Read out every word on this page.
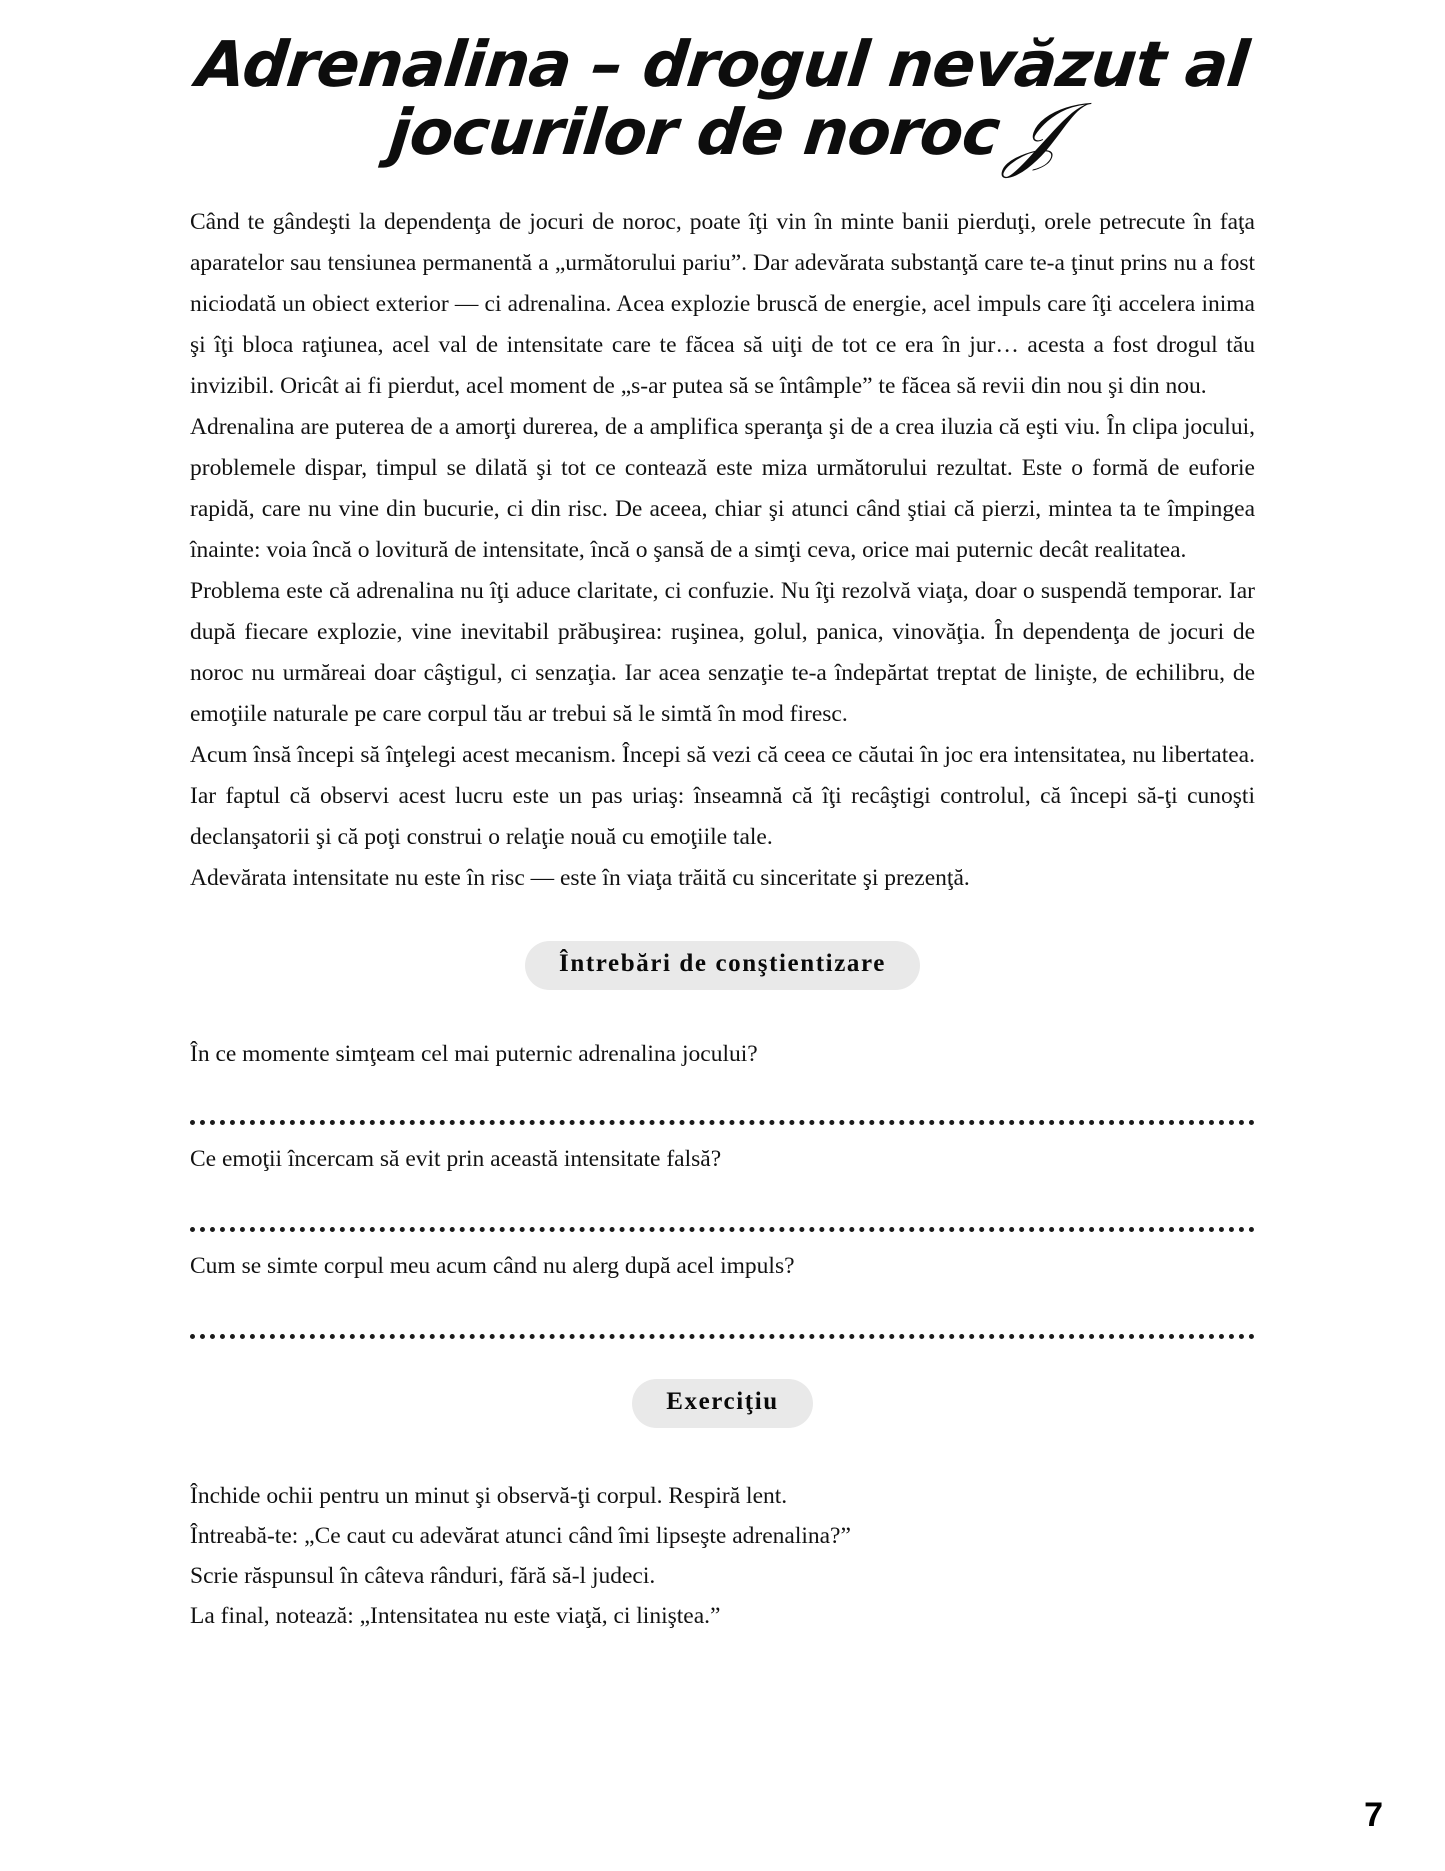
Adrenalina – drogul nevăzut al
jocurilor de noroc𝒥

Când te gândeşti la dependenţa de jocuri de noroc, poate îţi vin în minte banii pierduţi, orele petrecute în faţa aparatelor sau tensiunea permanentă a „următorului pariu”. Dar adevărata substanţă care te-a ţinut prins nu a fost niciodată un obiect exterior — ci adrenalina. Acea explozie bruscă de energie, acel impuls care îţi accelera inima şi îţi bloca raţiunea, acel val de intensitate care te făcea să uiţi de tot ce era în jur… acesta a fost drogul tău invizibil. Oricât ai fi pierdut, acel moment de „s-ar putea să se întâmple” te făcea să revii din nou şi din nou.

Adrenalina are puterea de a amorţi durerea, de a amplifica speranţa şi de a crea iluzia că eşti viu. În clipa jocului, problemele dispar, timpul se dilată şi tot ce contează este miza următorului rezultat. Este o formă de euforie rapidă, care nu vine din bucurie, ci din risc. De aceea, chiar şi atunci când ştiai că pierzi, mintea ta te împingea înainte: voia încă o lovitură de intensitate, încă o şansă de a simţi ceva, orice mai puternic decât realitatea.

Problema este că adrenalina nu îţi aduce claritate, ci confuzie. Nu îţi rezolvă viaţa, doar o suspendă temporar. Iar după fiecare explozie, vine inevitabil prăbuşirea: ruşinea, golul, panica, vinovăţia. În dependenţa de jocuri de noroc nu urmăreai doar câştigul, ci senzaţia. Iar acea senzaţie te-a îndepărtat treptat de linişte, de echilibru, de emoţiile naturale pe care corpul tău ar trebui să le simtă în mod firesc.

Acum însă începi să înţelegi acest mecanism. Începi să vezi că ceea ce căutai în joc era intensitatea, nu libertatea. Iar faptul că observi acest lucru este un pas uriaş: înseamnă că îţi recâştigi controlul, că începi să-ţi cunoşti declanşatorii şi că poţi construi o relaţie nouă cu emoţiile tale.

Adevărata intensitate nu este în risc — este în viaţa trăită cu sinceritate şi prezenţă.

Întrebări de conştientizare

În ce momente simţeam cel mai puternic adrenalina jocului?

Ce emoţii încercam să evit prin această intensitate falsă?

Cum se simte corpul meu acum când nu alerg după acel impuls?

Exerciţiu

Închide ochii pentru un minut şi observă-ţi corpul. Respiră lent.

Întreabă-te: „Ce caut cu adevărat atunci când îmi lipseşte adrenalina?”

Scrie răspunsul în câteva rânduri, fără să-l judeci.

La final, notează: „Intensitatea nu este viaţă, ci liniştea.”

7
